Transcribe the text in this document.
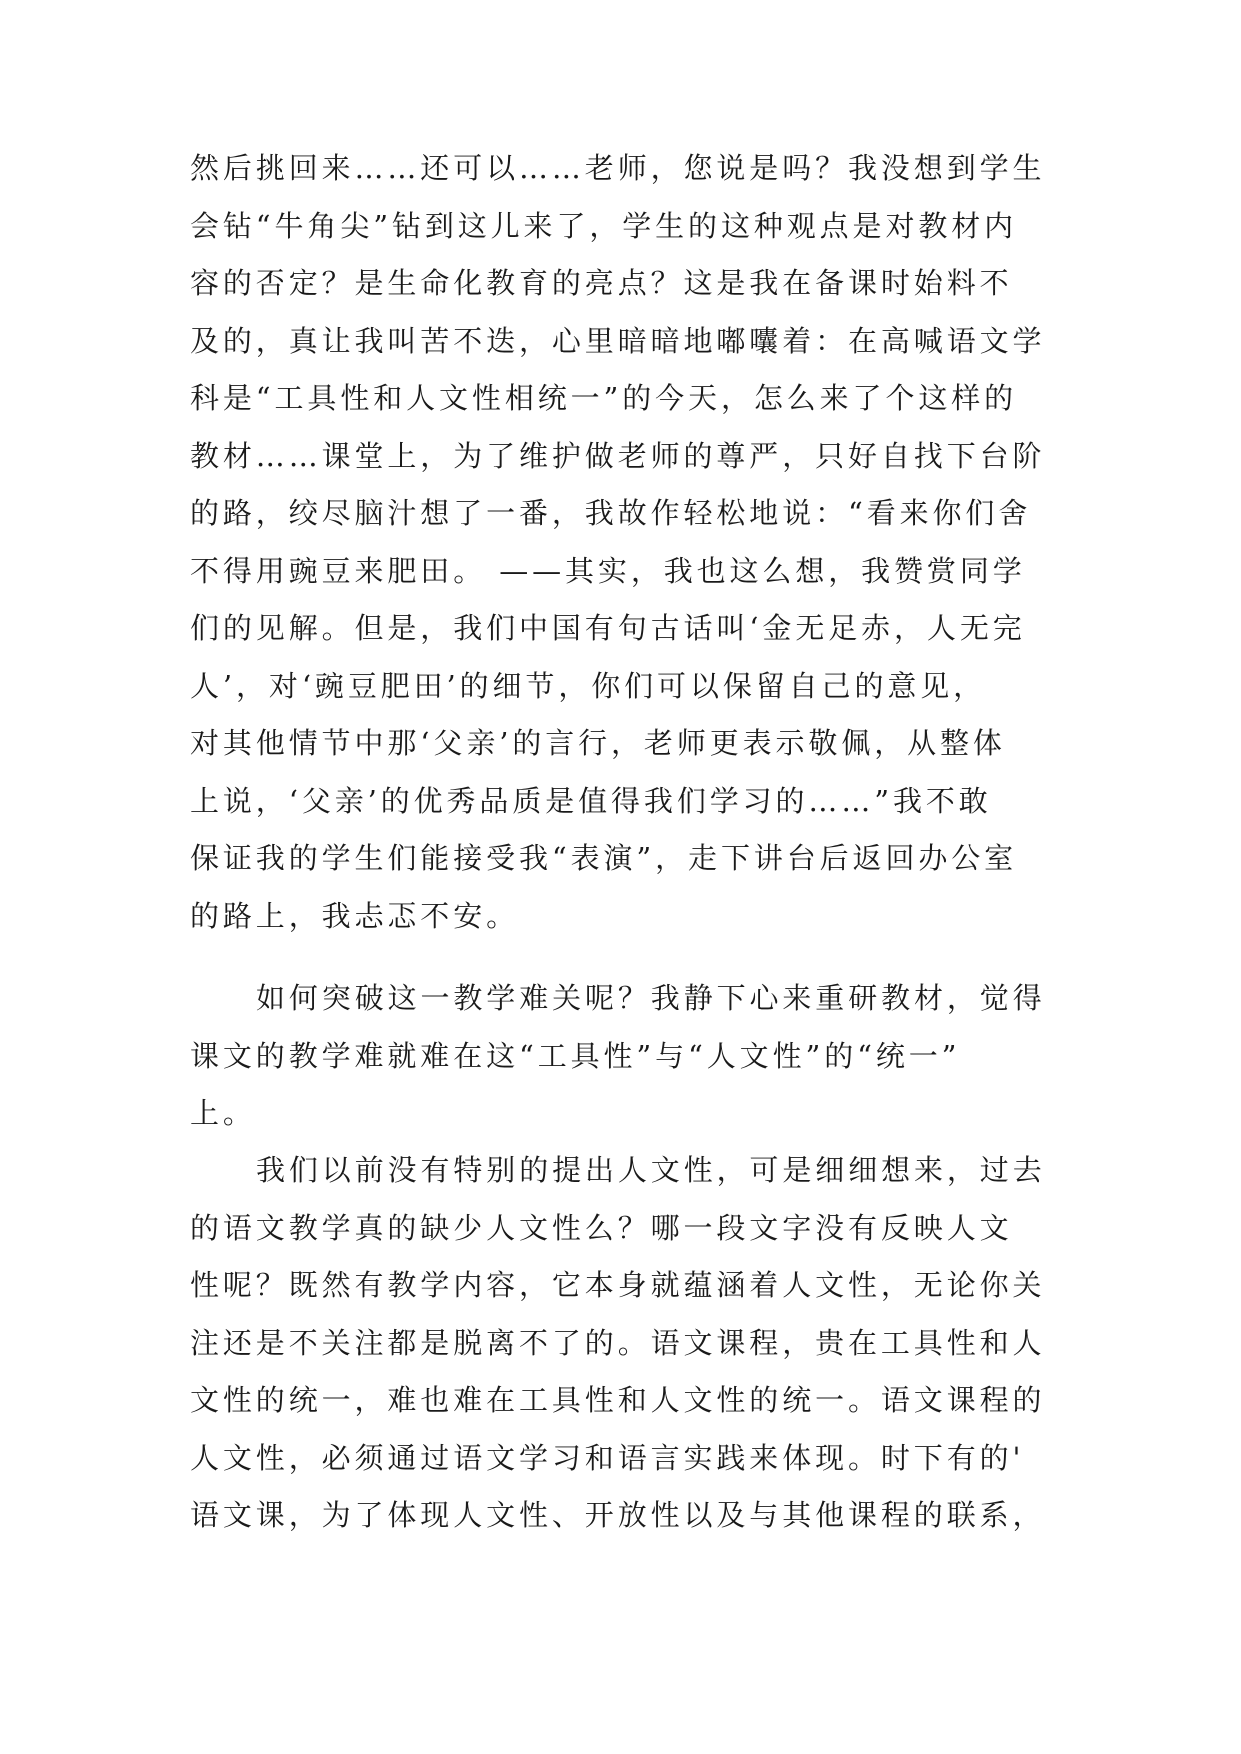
然后挑回来……还可以……老师，您说是吗？我没想到学生
会钻“牛角尖”钻到这儿来了，学生的这种观点是对教材内
容的否定？是生命化教育的亮点？这是我在备课时始料不
及的，真让我叫苦不迭，心里暗暗地嘟囔着：在高喊语文学
科是“工具性和人文性相统一”的今天，怎么来了个这样的
教材……课堂上，为了维护做老师的尊严，只好自找下台阶
的路，绞尽脑汁想了一番，我故作轻松地说：“看来你们舍
不得用豌豆来肥田。 ——其实，我也这么想，我赞赏同学
们的见解。但是，我们中国有句古话叫‘金无足赤，人无完
人’，对‘豌豆肥田’的细节，你们可以保留自己的意见，
对其他情节中那‘父亲’的言行，老师更表示敬佩，从整体
上说，‘父亲’的优秀品质是值得我们学习的……”我不敢
保证我的学生们能接受我“表演”，走下讲台后返回办公室
的路上，我忐忑不安。
如何突破这一教学难关呢？我静下心来重研教材，觉得
课文的教学难就难在这“工具性”与“人文性”的“统一”
上。
我们以前没有特别的提出人文性，可是细细想来，过去
的语文教学真的缺少人文性么？哪一段文字没有反映人文
性呢？既然有教学内容，它本身就蕴涵着人文性，无论你关
注还是不关注都是脱离不了的。语文课程，贵在工具性和人
文性的统一，难也难在工具性和人文性的统一。语文课程的
人文性，必须通过语文学习和语言实践来体现。时下有的'
语文课，为了体现人文性、开放性以及与其他课程的联系，
